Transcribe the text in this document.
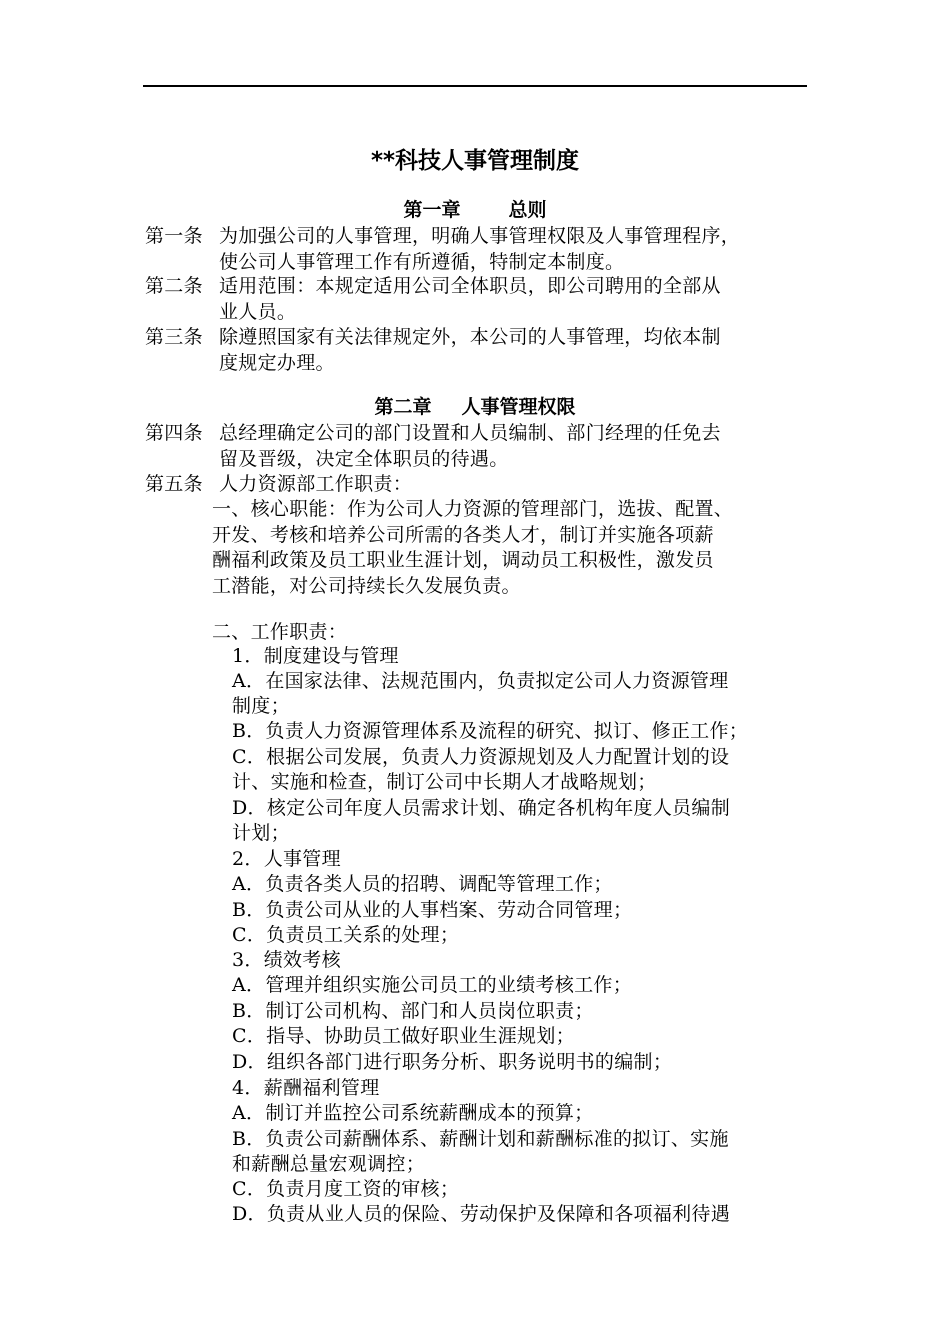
**科技人事管理制度
第一章	总则
第一条 为加强公司的人事管理，明确人事管理权限及人事管理程序，
使公司人事管理工作有所遵循，特制定本制度。
第二条 适用范围：本规定适用公司全体职员，即公司聘用的全部从
业人员。
第三条 除遵照国家有关法律规定外，本公司的人事管理，均依本制
度规定办理。
第二章 人事管理权限
第四条 总经理确定公司的部门设置和人员编制、部门经理的任免去
留及晋级，决定全体职员的待遇。
第五条 人力资源部工作职责：
一、核心职能：作为公司人力资源的管理部门，选拔、配置、
开发、考核和培养公司所需的各类人才，制订并实施各项薪
酬福利政策及员工职业生涯计划，调动员工积极性，激发员
工潜能，对公司持续长久发展负责。
二、工作职责：
1．制度建设与管理
A．在国家法律、法规范围内，负责拟定公司人力资源管理
制度；
B．负责人力资源管理体系及流程的研究、拟订、修正工作；
C．根据公司发展，负责人力资源规划及人力配置计划的设
计、实施和检查，制订公司中长期人才战略规划；
D．核定公司年度人员需求计划、确定各机构年度人员编制
计划；
2．人事管理
A．负责各类人员的招聘、调配等管理工作；
B．负责公司从业的人事档案、劳动合同管理；
C．负责员工关系的处理；
3．绩效考核
A．管理并组织实施公司员工的业绩考核工作；
B．制订公司机构、部门和人员岗位职责；
C．指导、协助员工做好职业生涯规划；
D．组织各部门进行职务分析、职务说明书的编制；
4．薪酬福利管理
A．制订并监控公司系统薪酬成本的预算；
B．负责公司薪酬体系、薪酬计划和薪酬标准的拟订、实施
和薪酬总量宏观调控；
C．负责月度工资的审核；
D．负责从业人员的保险、劳动保护及保障和各项福利待遇
